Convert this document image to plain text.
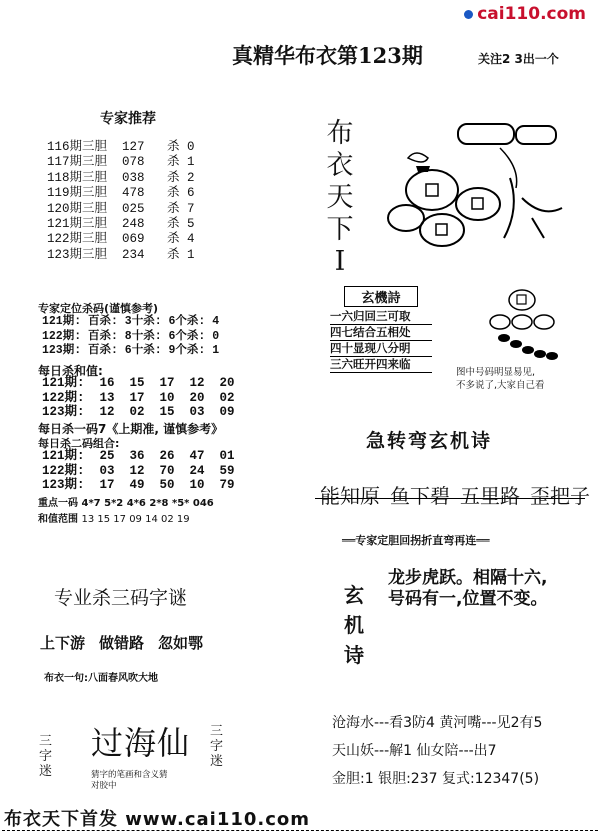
cai110.com
真精华布衣第123期	关注2 3出一个
专家推荐
116期三胆  127   杀 0
117期三胆  078   杀 1
118期三胆  038   杀 2
119期三胆  478   杀 6
120期三胆  025   杀 7
121期三胆  248   杀 5
122期三胆  069   杀 4
123期三胆  234   杀 1
布
衣
天
下
I
玄機詩
一六归回三可取
四七结合五相处
四十显现八分明
三六旺开四来临
图中号码明显易见,
不多说了,大家自己看
专家定位杀码(谨慎参考)
121期: 百杀: 3十杀: 6个杀: 4
122期: 百杀: 8十杀: 6个杀: 0
123期: 百杀: 6十杀: 9个杀: 1
每日杀和值:
121期:  16  15  17  12  20
122期:  13  17  10  20  02
123期:  12  02  15  03  09
每日杀一码7《上期准, 谨慎参考》
每日杀二码组合:
121期:  25  36  26  47  01
122期:  03  12  70  24  59
123期:  17  49  50  10  79
重点一码 4*7 5*2 4*6 2*8 *5* 046
和值范围 13 15 17 09 14 02 19
急转弯玄机诗
能知原 鱼下碧 五里路 歪把子
══专家定胆回拐折直弯再连══
玄
机
诗
龙步虎跃。相隔十六,
号码有一,位置不变。
沧海水---看3防4 黄河嘴---见2有5
天山妖---解1 仙女陪---出7
金胆:1 银胆:237 复式:12347(5)
专业杀三码字谜
上下游 做错路 忽如鄂
布衣一句:八面春风吹大地
三
字
迷
过海仙
猜字的笔画和含义猜
对胶中
三
字
迷
布衣天下首发 www.cai110.com
